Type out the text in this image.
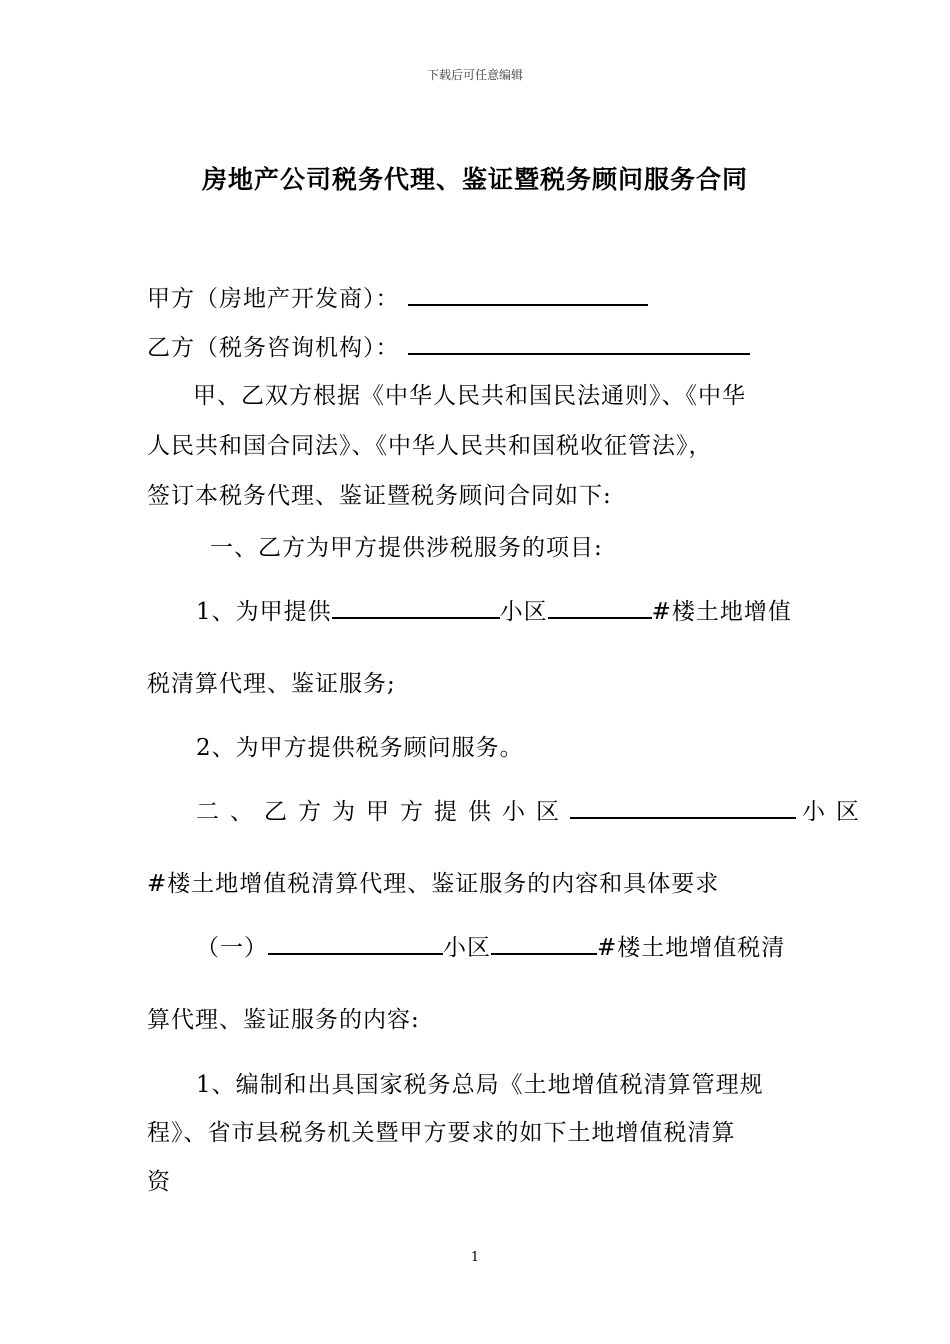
下载后可任意编辑
房地产公司税务代理、鉴证暨税务顾问服务合同
甲方（房地产开发商）：
乙方（税务咨询机构）：
甲、乙双方根据《中华人民共和国民法通则》、《中华
人民共和国合同法》、《中华人民共和国税收征管法》，
签订本税务代理、鉴证暨税务顾问合同如下:
一、乙方为甲方提供涉税服务的项目:
1、为甲提供	小区	#楼土地增值
税清算代理、鉴证服务;
2、为甲方提供税务顾问服务。
二、乙方为甲方提供小区	小区
#楼土地增值税清算代理、鉴证服务的内容和具体要求
（一）	小区	#楼土地增值税清
算代理、鉴证服务的内容:
1、编制和出具国家税务总局《土地增值税清算管理规
程》、省市县税务机关暨甲方要求的如下土地增值税清算
资
1
